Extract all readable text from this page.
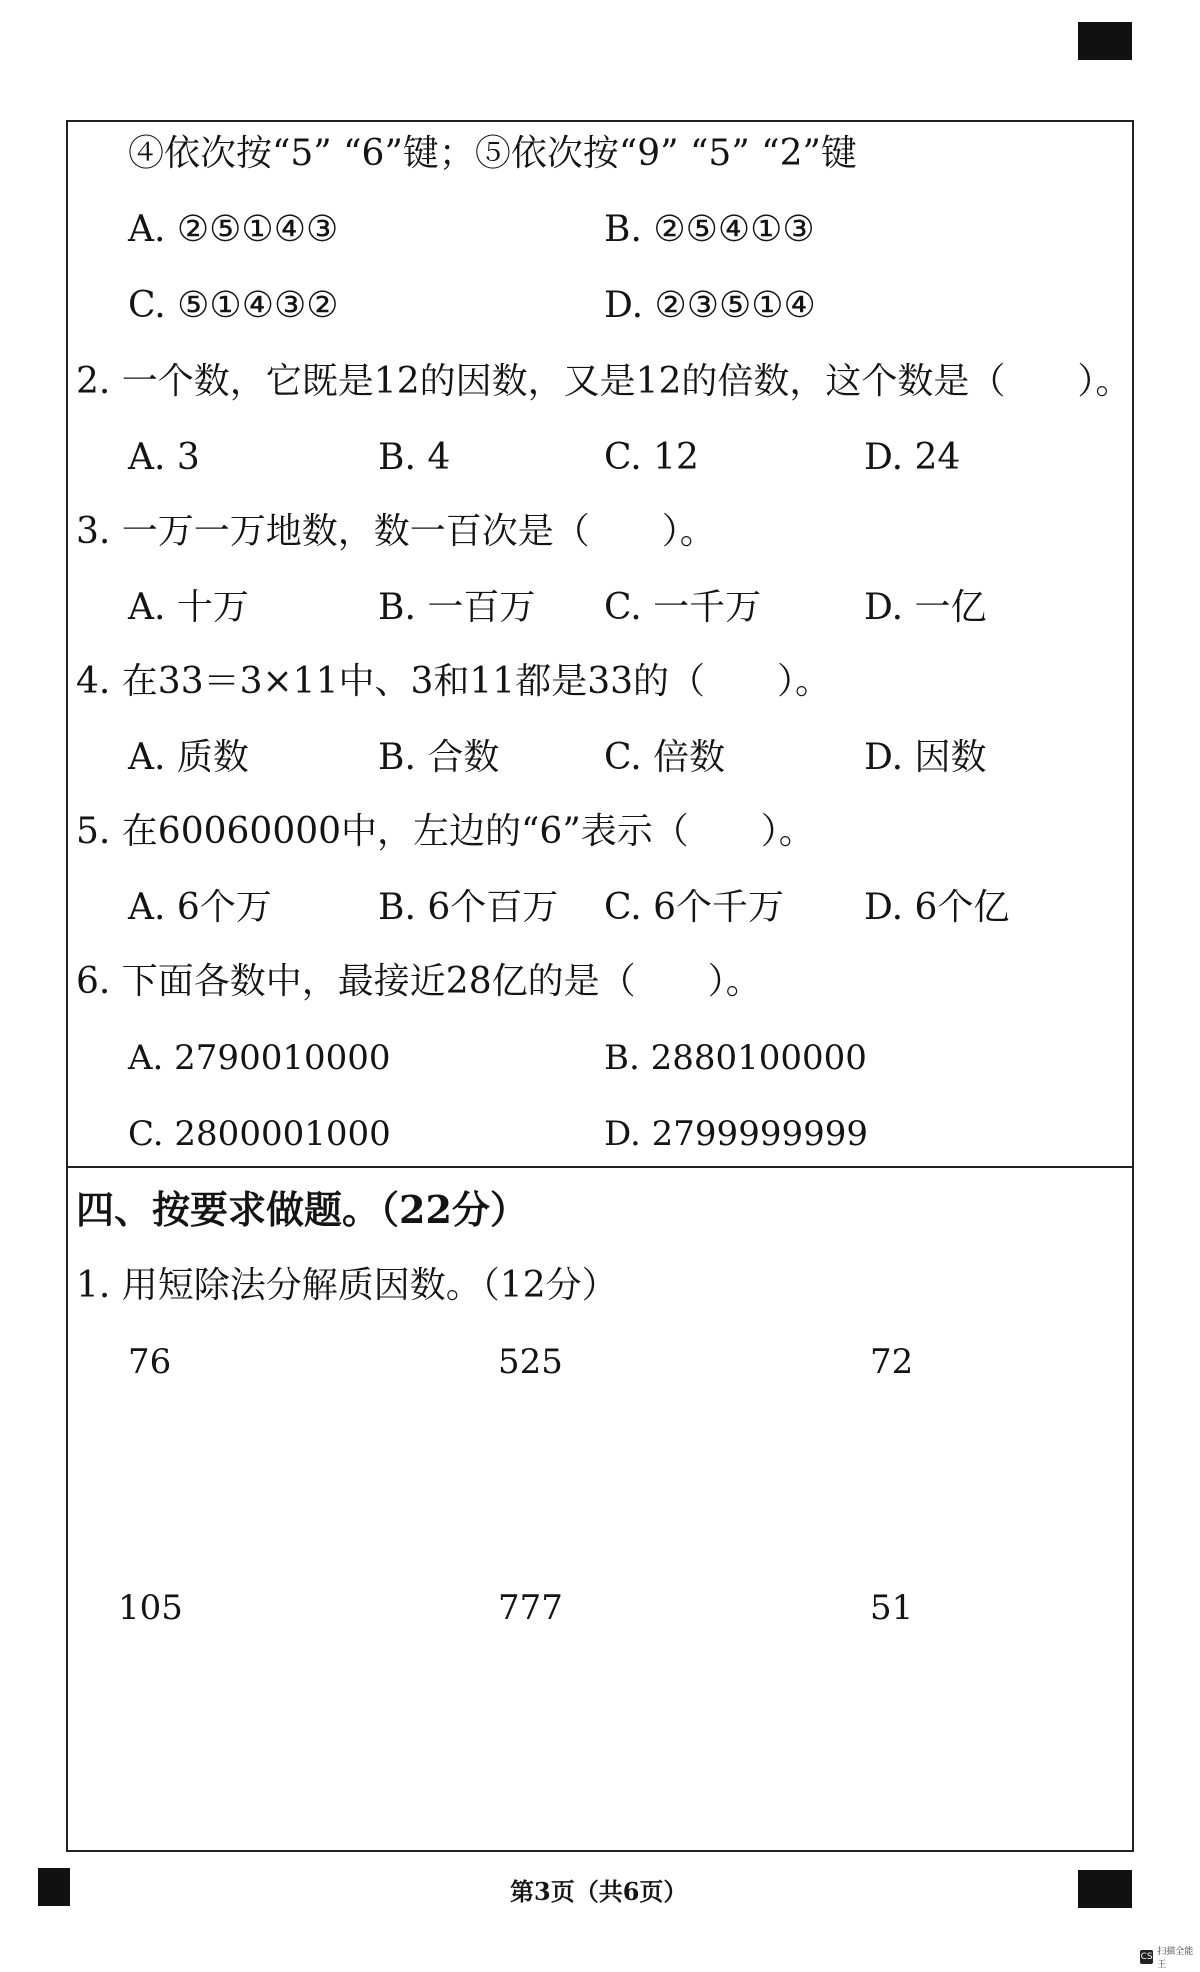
④依次按“5” “6”键；⑤依次按“9” “5” “2”键
A. ②⑤①④③	B. ②⑤④①③
C. ⑤①④③②	D. ②③⑤①④
2. 一个数，它既是12的因数，又是12的倍数，这个数是（　　）。
A. 3	B. 4	C. 12	D. 24
3. 一万一万地数，数一百次是（　　）。
A. 十万	B. 一百万 C. 一千万	D. 一亿
4. 在33＝3×11中、3和11都是33的（　　）。
A. 质数	B. 合数	C. 倍数	D. 因数
5. 在60060000中，左边的“6”表示（　　）。
A. 6个万	B. 6个百万 C. 6个千万 D. 6个亿
6. 下面各数中，最接近28亿的是（　　）。
A. 2790010000	B. 2880100000
C. 2800001000	D. 2799999999
四、按要求做题。（22分）
1. 用短除法分解质因数。（12分）
76	525	72
105	777	51
第3页（共6页）
CS 扫描全能王
